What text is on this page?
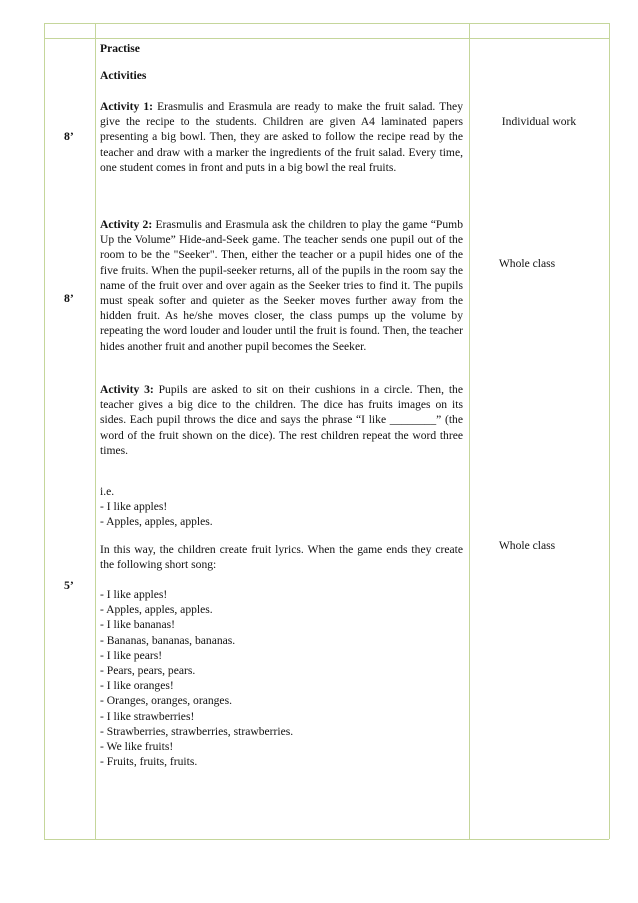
Practise
Activities
8’
Individual work
Activity 1: Erasmulis and Erasmula are ready to make the fruit salad. They give the recipe to the students. Children are given A4 laminated papers presenting a big bowl. Then, they are asked to follow the recipe read by the teacher and draw with a marker the ingredients of the fruit salad. Every time, one student comes in front and puts in a big bowl the real fruits.
8’
Whole class
Activity 2: Erasmulis and Erasmula ask the children to play the game “Pumb Up the Volume” Hide-and-Seek game. The teacher sends one pupil out of the room to be the "Seeker". Then, either the teacher or a pupil hides one of the five fruits. When the pupil-seeker returns, all of the pupils in the room say the name of the fruit over and over again as the Seeker tries to find it. The pupils must speak softer and quieter as the Seeker moves further away from the hidden fruit. As he/she moves closer, the class pumps up the volume by repeating the word louder and louder until the fruit is found. Then, the teacher hides another fruit and another pupil becomes the Seeker.
5’
Whole class
Activity 3: Pupils are asked to sit on their cushions in a circle. Then, the teacher gives a big dice to the children. The dice has fruits images on its sides. Each pupil throws the dice and says the phrase “I like ________” (the word of the fruit shown on the dice). The rest children repeat the word three times.
i.e.

- I like apples!

- Apples, apples, apples.

In this way, the children create fruit lyrics. When the game ends they create the following short song:

- I like apples!

- Apples, apples, apples.

- I like bananas!

- Bananas, bananas, bananas.

- I like pears!

- Pears, pears, pears.

- I like oranges!

- Oranges, oranges, oranges.

- I like strawberries!

- Strawberries, strawberries, strawberries.

- We like fruits!

- Fruits, fruits, fruits.
